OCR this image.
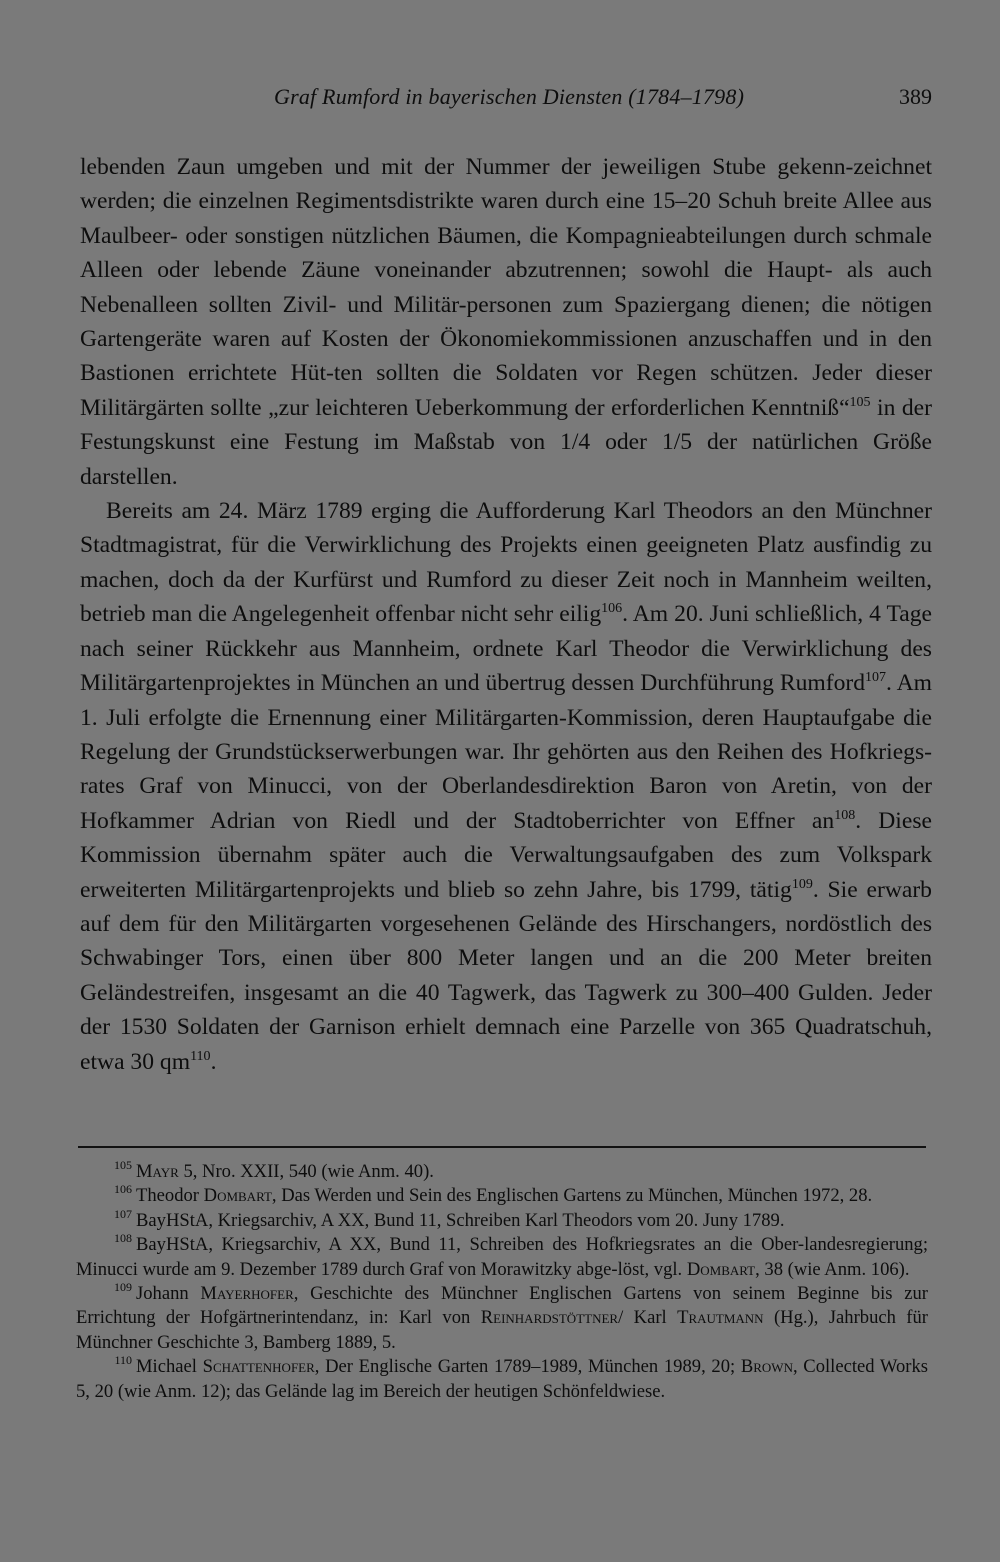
Graf Rumford in bayerischen Diensten (1784–1798)	389

lebenden Zaun umgeben und mit der Nummer der jeweiligen Stube gekenn-zeichnet werden; die einzelnen Regimentsdistrikte waren durch eine 15–20 Schuh breite Allee aus Maulbeer- oder sonstigen nützlichen Bäumen, die Kompagnieabteilungen durch schmale Alleen oder lebende Zäune voneinander abzutrennen; sowohl die Haupt- als auch Nebenalleen sollten Zivil- und Militär-personen zum Spaziergang dienen; die nötigen Gartengeräte waren auf Kosten der Ökonomiekommissionen anzuschaffen und in den Bastionen errichtete Hüt-ten sollten die Soldaten vor Regen schützen. Jeder dieser Militärgärten sollte „zur leichteren Ueberkommung der erforderlichen Kenntniß“$^{105}$ in der Festungskunst eine Festung im Maßstab von 1/4 oder 1/5 der natürlichen Größe darstellen.

Bereits am 24. März 1789 erging die Aufforderung Karl Theodors an den Münchner Stadtmagistrat, für die Verwirklichung des Projekts einen geeigneten Platz ausfindig zu machen, doch da der Kurfürst und Rumford zu dieser Zeit noch in Mannheim weilten, betrieb man die Angelegenheit offenbar nicht sehr eilig$^{106}$. Am 20. Juni schließlich, 4 Tage nach seiner Rückkehr aus Mannheim, ordnete Karl Theodor die Verwirklichung des Militärgartenprojektes in München an und übertrug dessen Durchführung Rumford$^{107}$. Am 1. Juli erfolgte die Ernennung einer Militärgarten-Kommission, deren Hauptaufgabe die Regelung der Grundstückserwerbungen war. Ihr gehörten aus den Reihen des Hofkriegs-rates Graf von Minucci, von der Oberlandesdirektion Baron von Aretin, von der Hofkammer Adrian von Riedl und der Stadtoberrichter von Effner $an^{108}$. Diese Kommission übernahm später auch die Verwaltungsaufgaben des zum Volkspark erweiterten Militärgartenprojekts und blieb so zehn Jahre, bis 1799, tätig$^{109}$. Sie erwarb auf dem für den Militärgarten vorgesehenen Gelände des Hirschangers, nordöstlich des Schwabinger Tors, einen über 800 Meter langen und an die 200 Meter breiten Geländestreifen, insgesamt an die 40 Tagwerk, das Tagwerk zu 300–400 Gulden. Jeder der 1530 Soldaten der Garnison erhielt demnach eine Parzelle von 365 Quadratschuh, etwa 30 $qm^{110}$.

105 Mayr 5, Nro. XXII, 540 (wie Anm. 40).

106 Theodor Dombart, Das Werden und Sein des Englischen Gartens zu München, München 1972, 28.

107 BayHStA, Kriegsarchiv, A XX, Bund 11, Schreiben Karl Theodors vom 20. Juny 1789.

108 BayHStA, Kriegsarchiv, A XX, Bund 11, Schreiben des Hofkriegsrates an die Ober-landesregierung; Minucci wurde am 9. Dezember 1789 durch Graf von Morawitzky abge-löst, vgl. Dombart, 38 (wie Anm. 106).

109 Johann Mayerhofer, Geschichte des Münchner Englischen Gartens von seinem Beginne bis zur Errichtung der Hofgärtnerintendanz, in: Karl von Reinhardstöttner/ Karl Trautmann (Hg.), Jahrbuch für Münchner Geschichte 3, Bamberg 1889, 5.

110 Michael Schattenhofer, Der Englische Garten 1789–1989, München 1989, 20; Brown, Collected Works 5, 20 (wie Anm. 12); das Gelände lag im Bereich der heutigen Schönfeldwiese.
